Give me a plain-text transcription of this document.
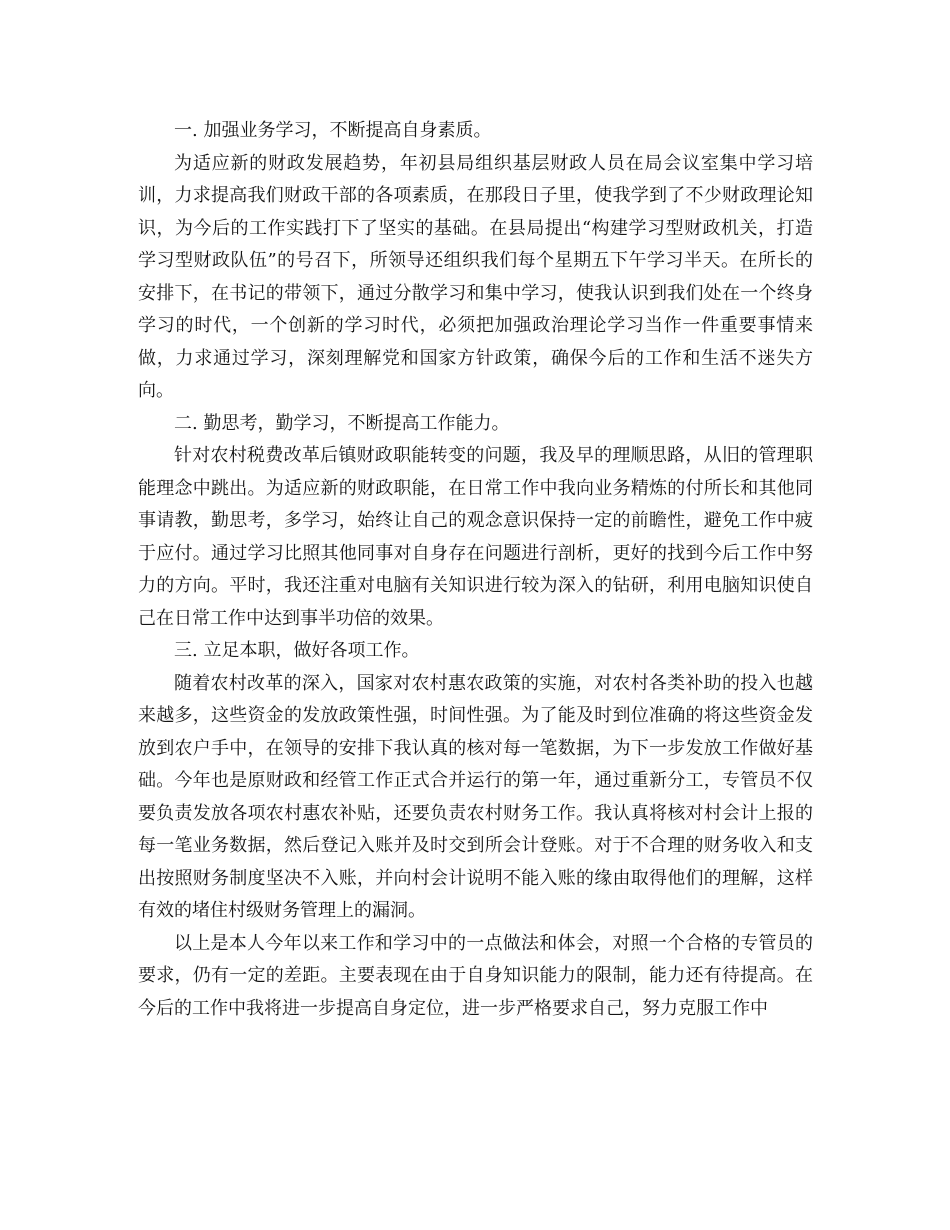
一. 加强业务学习，不断提高自身素质。

为适应新的财政发展趋势，年初县局组织基层财政人员在局会议室集中学习培训，力求提高我们财政干部的各项素质，在那段日子里，使我学到了不少财政理论知识，为今后的工作实践打下了坚实的基础。在县局提出“构建学习型财政机关，打造学习型财政队伍”的号召下，所领导还组织我们每个星期五下午学习半天。在所长的安排下，在书记的带领下，通过分散学习和集中学习，使我认识到我们处在一个终身学习的时代，一个创新的学习时代，必须把加强政治理论学习当作一件重要事情来做，力求通过学习，深刻理解党和国家方针政策，确保今后的工作和生活不迷失方向。

二. 勤思考，勤学习，不断提高工作能力。

针对农村税费改革后镇财政职能转变的问题，我及早的理顺思路，从旧的管理职能理念中跳出。为适应新的财政职能，在日常工作中我向业务精炼的付所长和其他同事请教，勤思考，多学习，始终让自己的观念意识保持一定的前瞻性，避免工作中疲于应付。通过学习比照其他同事对自身存在问题进行剖析，更好的找到今后工作中努力的方向。平时，我还注重对电脑有关知识进行较为深入的钻研，利用电脑知识使自己在日常工作中达到事半功倍的效果。

三. 立足本职，做好各项工作。

随着农村改革的深入，国家对农村惠农政策的实施，对农村各类补助的投入也越来越多，这些资金的发放政策性强，时间性强。为了能及时到位准确的将这些资金发放到农户手中，在领导的安排下我认真的核对每一笔数据，为下一步发放工作做好基础。今年也是原财政和经管工作正式合并运行的第一年，通过重新分工，专管员不仅要负责发放各项农村惠农补贴，还要负责农村财务工作。我认真将核对村会计上报的每一笔业务数据，然后登记入账并及时交到所会计登账。对于不合理的财务收入和支出按照财务制度坚决不入账，并向村会计说明不能入账的缘由取得他们的理解，这样有效的堵住村级财务管理上的漏洞。

以上是本人今年以来工作和学习中的一点做法和体会，对照一个合格的专管员的要求，仍有一定的差距。主要表现在由于自身知识能力的限制，能力还有待提高。在今后的工作中我将进一步提高自身定位，进一步严格要求自己，努力克服工作中
